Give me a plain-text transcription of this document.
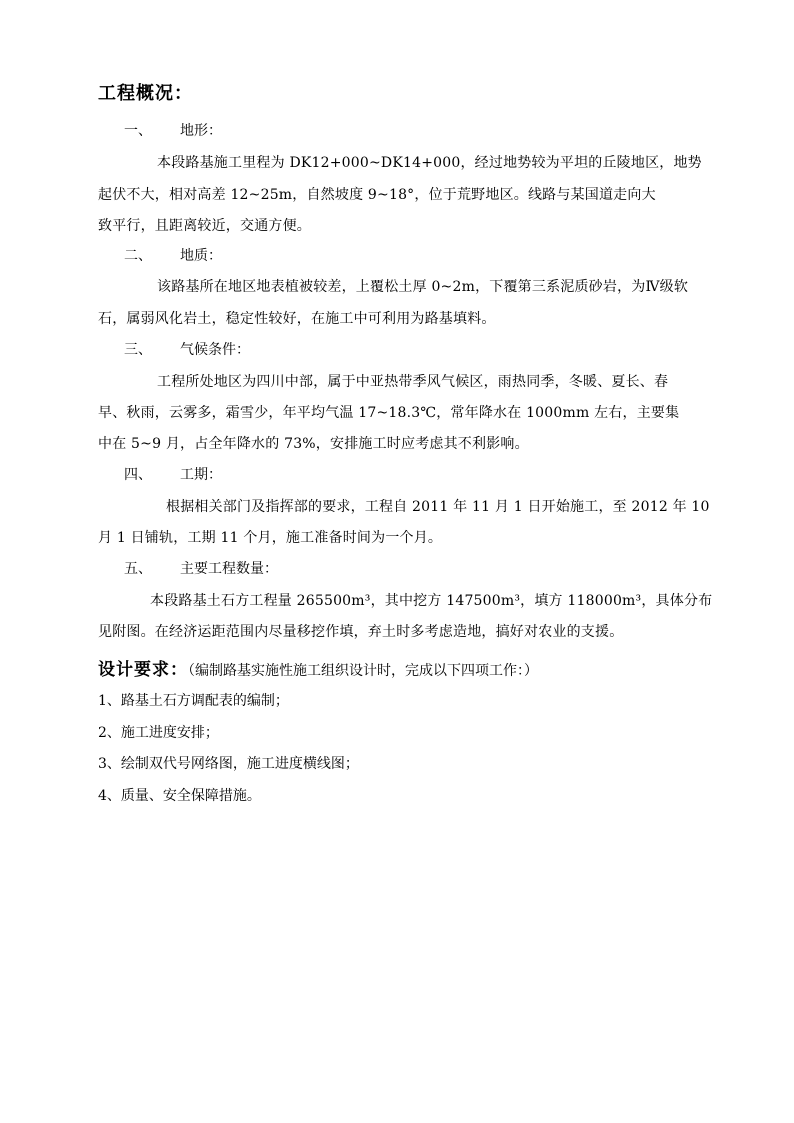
工程概况：
一、 地形：
本段路基施工里程为 DK12+000~DK14+000，经过地势较为平坦的丘陵地区，地势
起伏不大，相对高差 12~25m，自然坡度 9~18°，位于荒野地区。线路与某国道走向大
致平行，且距离较近，交通方便。
二、 地质：
该路基所在地区地表植被较差，上覆松土厚 0~2m，下覆第三系泥质砂岩，为Ⅳ级软
石，属弱风化岩土，稳定性较好，在施工中可利用为路基填料。
三、 气候条件：
工程所处地区为四川中部，属于中亚热带季风气候区，雨热同季，冬暖、夏长、春
早、秋雨，云雾多，霜雪少，年平均气温 17~18.3℃，常年降水在 1000mm 左右，主要集
中在 5~9 月，占全年降水的 73%，安排施工时应考虑其不利影响。
四、 工期：
根据相关部门及指挥部的要求，工程自 2011 年 11 月 1 日开始施工，至 2012 年 10
月 1 日铺轨，工期 11 个月，施工准备时间为一个月。
五、 主要工程数量：
本段路基土石方工程量 265500m³，其中挖方 147500m³，填方 118000m³，具体分布
见附图。在经济运距范围内尽量移挖作填，弃土时多考虑造地，搞好对农业的支援。
设计要求：（编制路基实施性施工组织设计时，完成以下四项工作：）
1、路基土石方调配表的编制；
2、施工进度安排；
3、绘制双代号网络图，施工进度横线图；
4、质量、安全保障措施。
